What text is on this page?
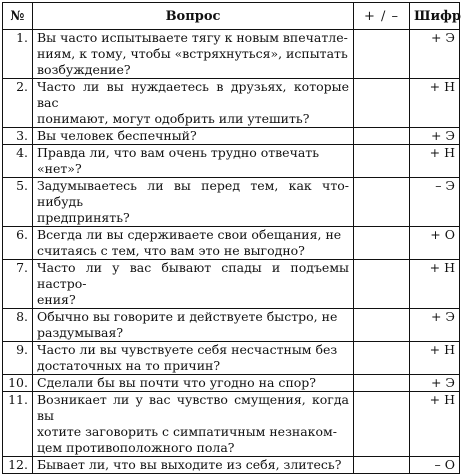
№	Вопрос	+ / –	Шифр
1.	Вы часто испытываете тягу к новым впечатле-
ниям, к тому, чтобы «встряхнуться», испытать
возбуждение?		+ Э
2.	Часто ли вы нуждаетесь в друзьях, которые вас
понимают, могут одобрить или утешить?		+ Н
3.	Вы человек беспечный?		+ Э
4.	Правда ли, что вам очень трудно отвечать
«нет»?		+ Н
5.	Задумываетесь ли вы перед тем, как что-нибудь
предпринять?		– Э
6.	Всегда ли вы сдерживаете свои обещания, не
считаясь с тем, что вам это не выгодно?		+ О
7.	Часто ли у вас бывают спады и подъемы настро-
ения?		+ Н
8.	Обычно вы говорите и действуете быстро, не
раздумывая?		+ Э
9.	Часто ли вы чувствуете себя несчастным без
достаточных на то причин?		+ Н
10.	Сделали бы вы почти что угодно на спор?		+ Э
11.	Возникает ли у вас чувство смущения, когда вы
хотите заговорить с симпатичным незнаком-
цем противоположного пола?		+ Н
12.	Бывает ли, что вы выходите из себя, злитесь?		– О
